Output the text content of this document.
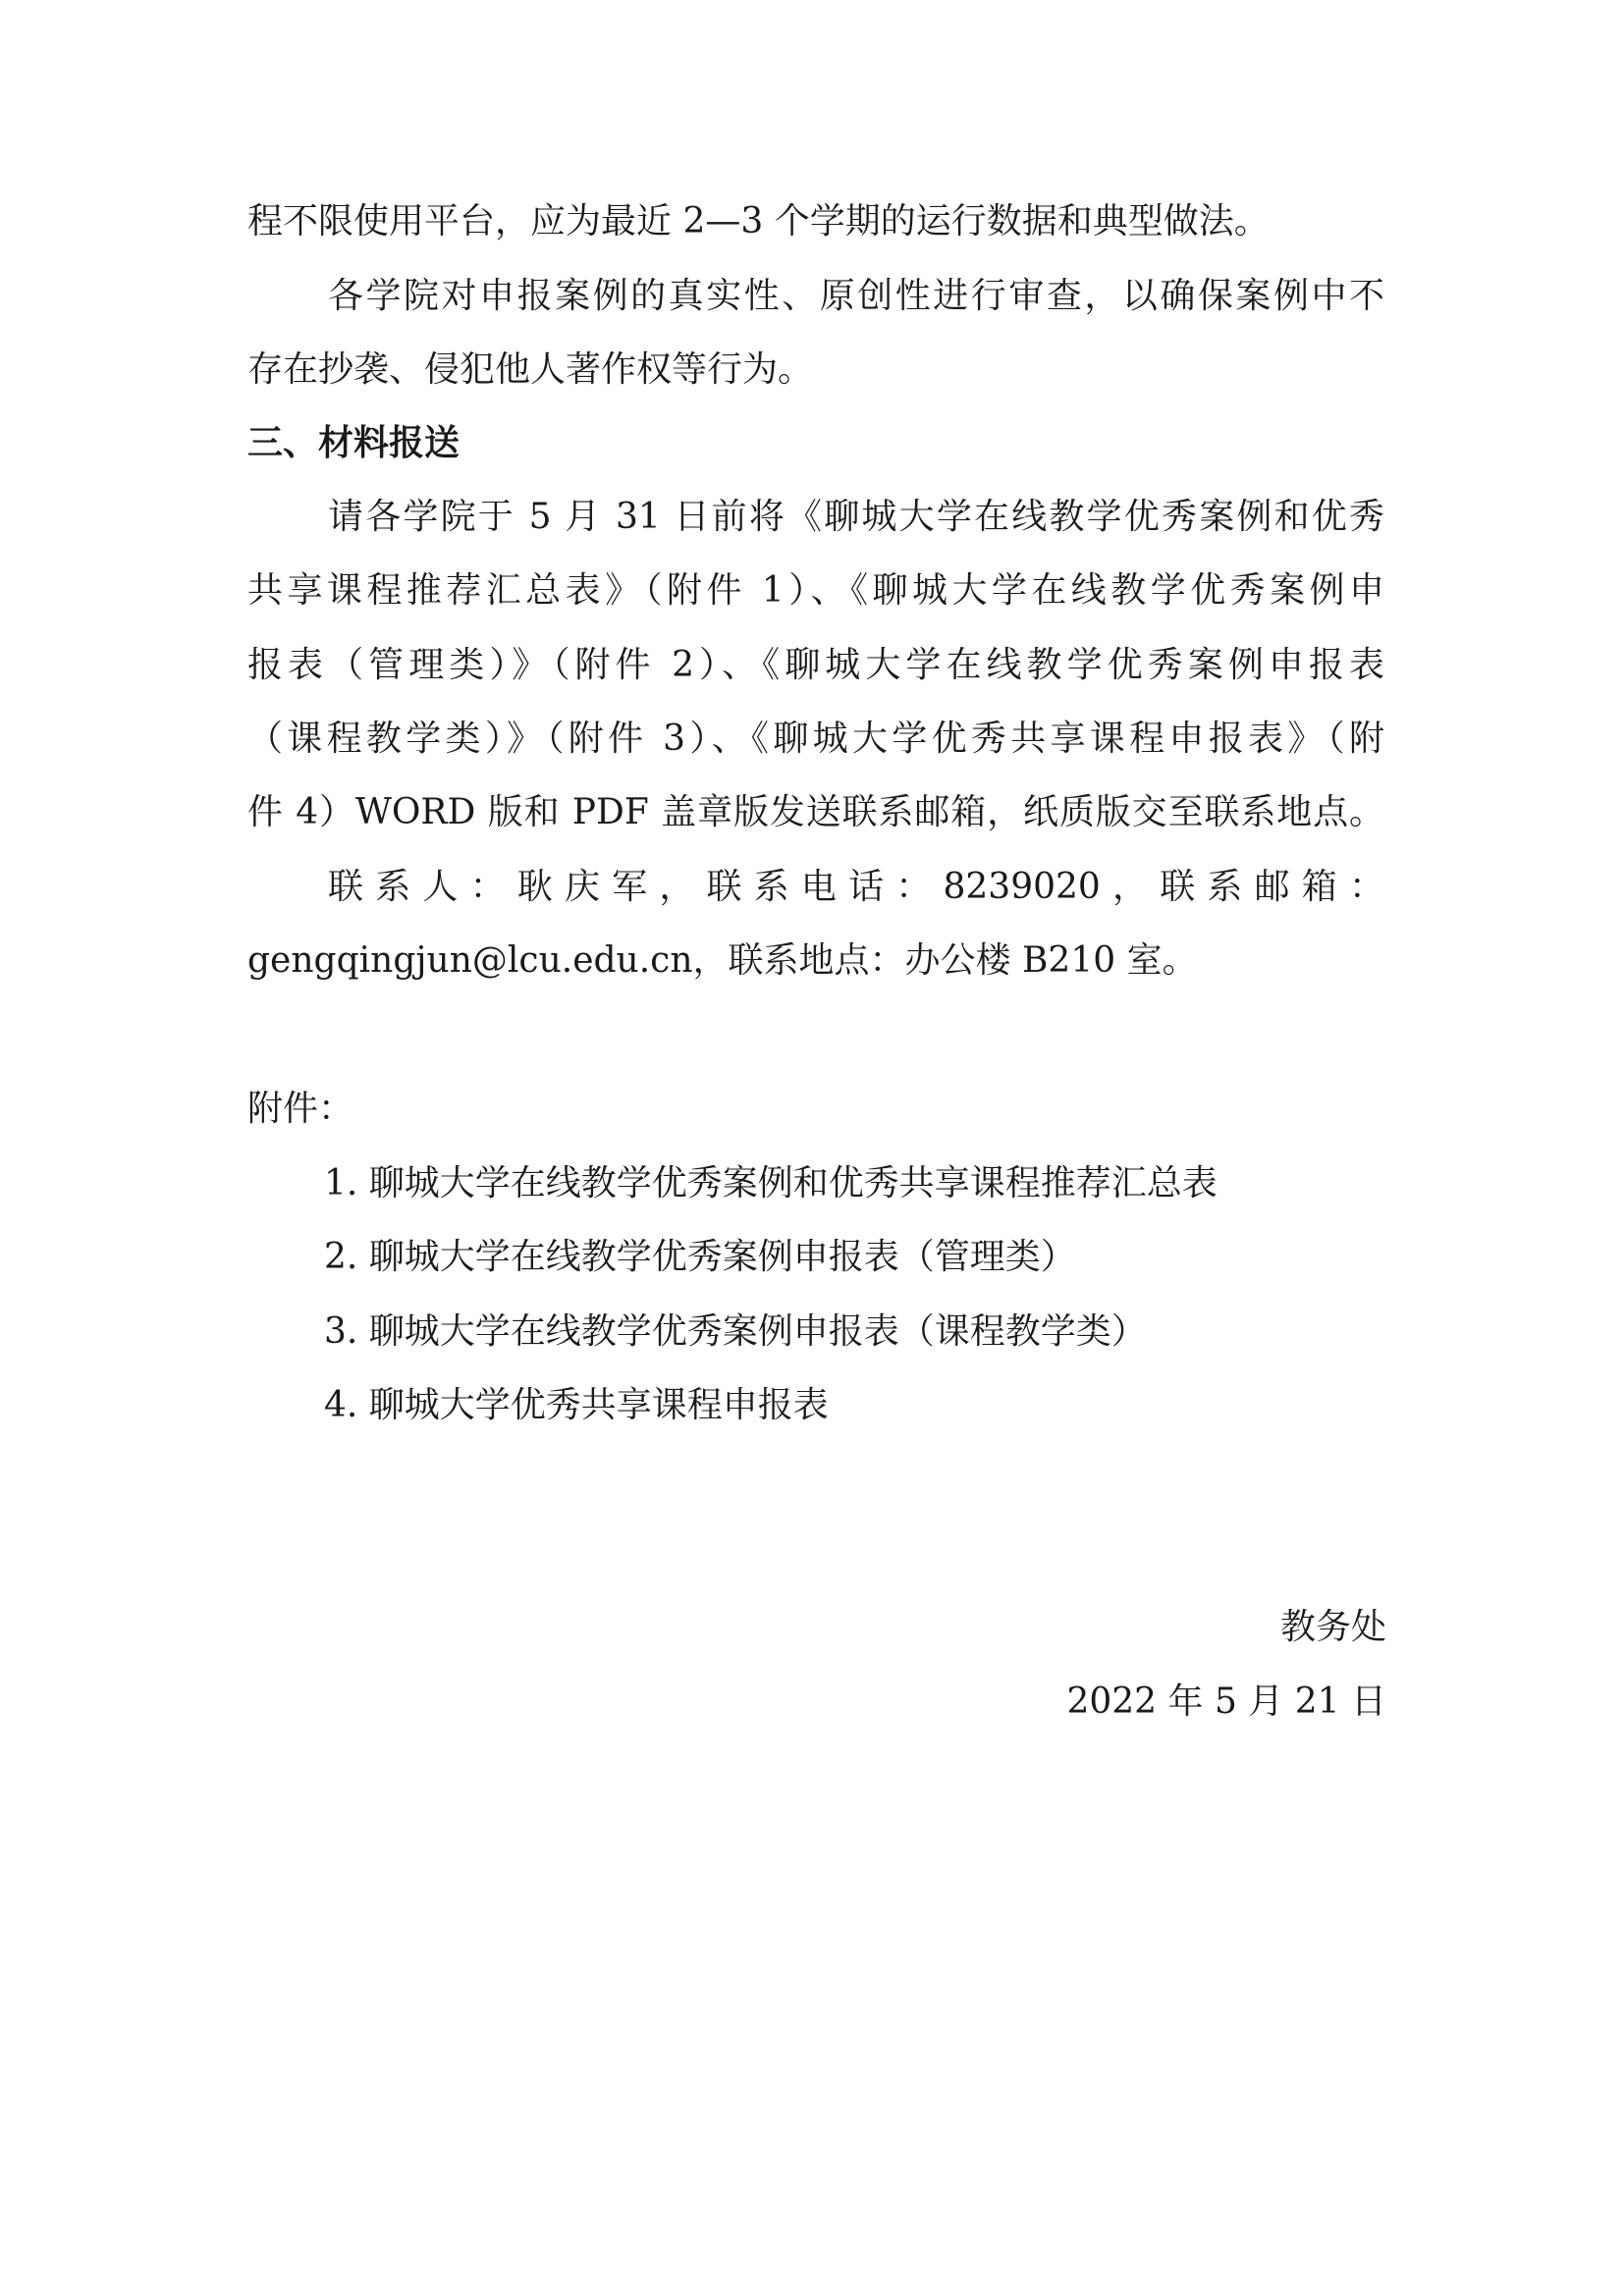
程不限使用平台，应为最近 2—3 个学期的运行数据和典型做法。
各学院对申报案例的真实性、原创性进行审查，以确保案例中不
存在抄袭、侵犯他人著作权等行为。
三、材料报送
请各学院于 5 月 31 日前将《聊城大学在线教学优秀案例和优秀
共享课程推荐汇总表》（附件 1）、《聊城大学在线教学优秀案例申
报表（管理类）》（附件 2）、《聊城大学在线教学优秀案例申报表
（课程教学类）》（附件 3）、《聊城大学优秀共享课程申报表》（附
件 4）WORD 版和 PDF 盖章版发送联系邮箱，纸质版交至联系地点。
联系人：耿庆军，联系电话：8239020，联系邮箱：
gengqingjun@lcu.edu.cn，联系地点：办公楼 B210 室。
附件：
1. 聊城大学在线教学优秀案例和优秀共享课程推荐汇总表
2. 聊城大学在线教学优秀案例申报表（管理类）
3. 聊城大学在线教学优秀案例申报表（课程教学类）
4. 聊城大学优秀共享课程申报表
教务处
2022 年 5 月 21 日
